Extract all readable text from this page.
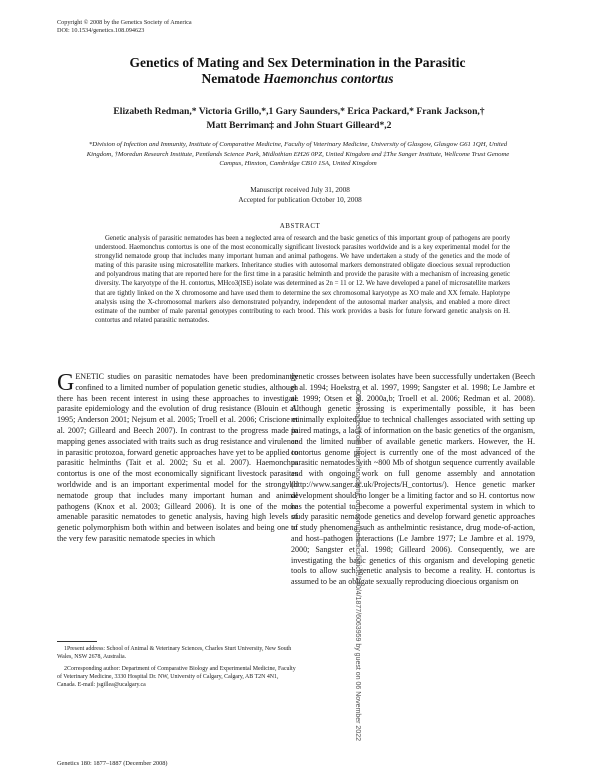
Copyright © 2008 by the Genetics Society of America
DOI: 10.1534/genetics.108.094623
Genetics of Mating and Sex Determination in the Parasitic
Nematode Haemonchus contortus
Elizabeth Redman,* Victoria Grillo,*,1 Gary Saunders,* Erica Packard,* Frank Jackson,†
Matt Berriman‡ and John Stuart Gilleard*,2
*Division of Infection and Immunity, Institute of Comparative Medicine, Faculty of Veterinary Medicine, University of Glasgow, Glasgow G61 1QH, United Kingdom, †Moredun Research Institute, Pentlands Science Park, Midlothian EH26 0PZ, United Kingdom and ‡The Sanger Institute, Wellcome Trust Genome Campus, Hinxton, Cambridge CB10 1SA, United Kingdom
Manuscript received July 31, 2008
Accepted for publication October 10, 2008
ABSTRACT

Genetic analysis of parasitic nematodes has been a neglected area of research and the basic genetics of this important group of pathogens are poorly understood. Haemonchus contortus is one of the most economically significant livestock parasites worldwide and is a key experimental model for the strongylid nematode group that includes many important human and animal pathogens. We have undertaken a study of the genetics and the mode of mating of this parasite using microsatellite markers. Inheritance studies with autosomal markers demonstrated obligate dioecious sexual reproduction and polyandrous mating that are reported here for the first time in a parasitic helminth and provide the parasite with a mechanism of increasing genetic diversity. The karyotype of the H. contortus, MHco3(ISE) isolate was determined as 2n = 11 or 12. We have developed a panel of microsatellite markers that are tightly linked on the X chromosome and have used them to determine the sex chromosomal karyotype as XO male and XX female. Haplotype analysis using the X-chromosomal markers also demonstrated polyandry, independent of the autosomal marker analysis, and enabled a more direct estimate of the number of male parental genotypes contributing to each brood. This work provides a basis for future forward genetic analysis on H. contortus and related parasitic nematodes.

GENETIC studies on parasitic nematodes have been predominantly confined to a limited number of population genetic studies, although there has been recent interest in using these approaches to investigate parasite epidemiology and the evolution of drug resistance (Blouin et al. 1995; Anderson 2001; Nejsum et al. 2005; Troell et al. 2006; Criscione et al. 2007; Gilleard and Beech 2007). In contrast to the progress made in mapping genes associated with traits such as drug resistance and virulence in parasitic protozoa, forward genetic approaches have yet to be applied to parasitic helminths (Tait et al. 2002; Su et al. 2007). Haemonchus contortus is one of the most economically significant livestock parasites worldwide and is an important experimental model for the strongylid nematode group that includes many important human and animal pathogens (Knox et al. 2003; Gilleard 2006). It is one of the more amenable parasitic nematodes to genetic analysis, having high levels of genetic polymorphism both within and between isolates and being one of the very few parasitic nematode species in which

genetic crosses between isolates have been successfully undertaken (Beech et al. 1994; Hoekstra et al. 1997, 1999; Sangster et al. 1998; Le Jambre et al. 1999; Otsen et al. 2000a,b; Troell et al. 2006; Redman et al. 2008). Although genetic crossing is experimentally possible, it has been minimally exploited due to technical challenges associated with setting up paired matings, a lack of information on the basic genetics of the organism, and the limited number of available genetic markers. However, the H. contortus genome project is currently one of the most advanced of the parasitic nematodes with ~800 Mb of shotgun sequence currently available and with ongoing work on full genome assembly and annotation (http://www.sanger.ac.uk/Projects/H_contortus/). Hence genetic marker development should no longer be a limiting factor and so H. contortus now has the potential to become a powerful experimental system in which to study parasitic nematode genetics and develop forward genetic approaches to study phenomena such as anthelmintic resistance, drug mode-of-action, and host–pathogen interactions (Le Jambre 1977; Le Jambre et al. 1979, 2000; Sangster et al. 1998; Gilleard 2006). Consequently, we are investigating the basic genetics of this organism and developing genetic tools to allow such genetic analysis to become a reality. H. contortus is assumed to be an obligate sexually reproducing dioecious organism on

1Present address: School of Animal & Veterinary Sciences, Charles Sturt University, New South Wales, NSW 2678, Australia.

2Corresponding author: Department of Comparative Biology and Experimental Medicine, Faculty of Veterinary Medicine, 3330 Hospital Dr. NW, University of Calgary, Calgary, AB T2N 4N1, Canada. E-mail: jsgillea@ucalgary.ca

Genetics 180: 1877–1887 (December 2008)
Downloaded from https://academic.oup.com/genetics/article/180/4/1877/6063959 by guest on 06 November 2022
